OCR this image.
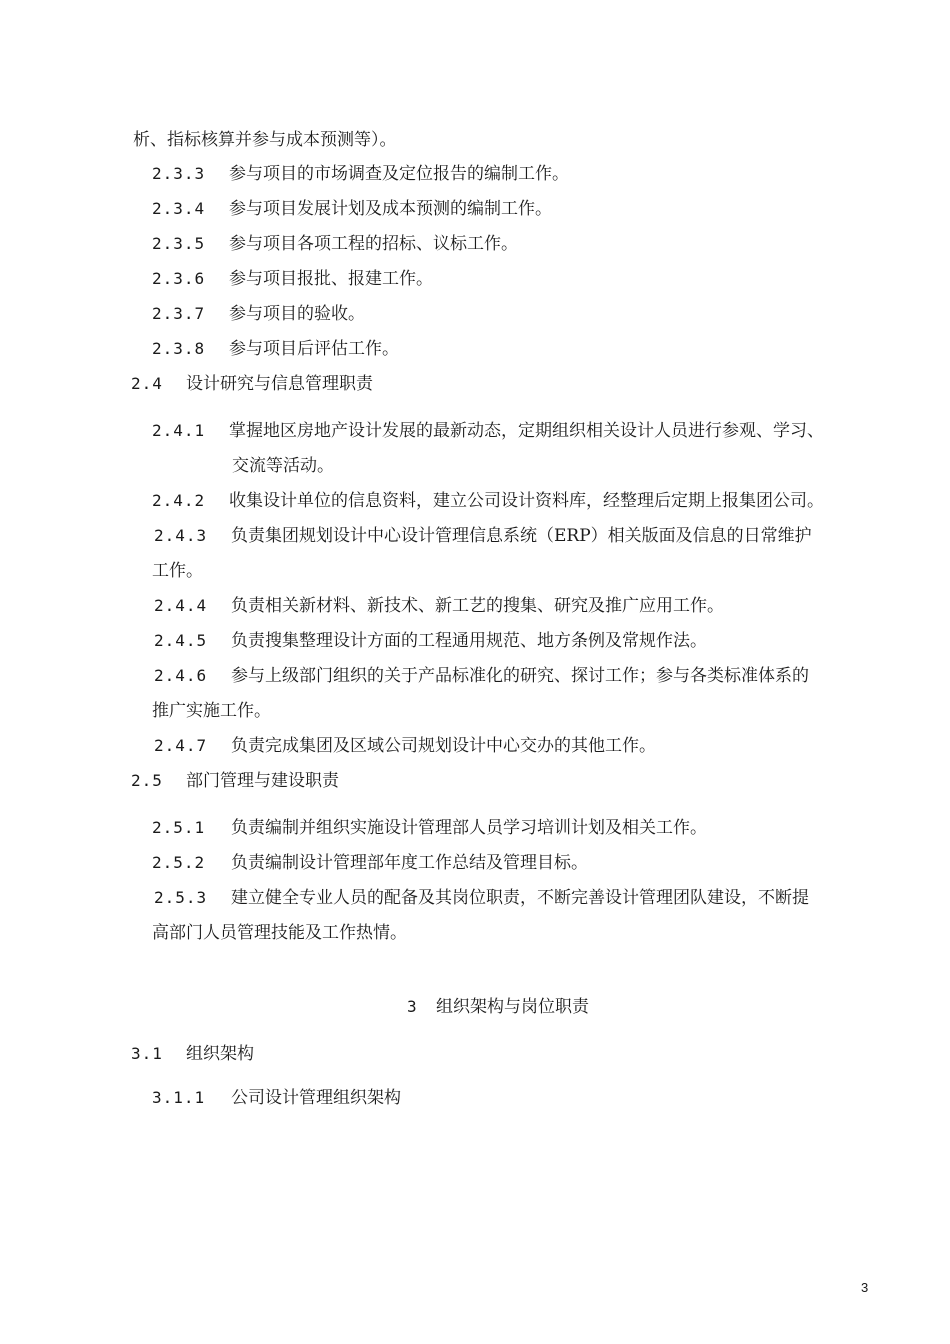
析、指标核算并参与成本预测等）。
2.3.3 参与项目的市场调查及定位报告的编制工作。
2.3.4 参与项目发展计划及成本预测的编制工作。
2.3.5 参与项目各项工程的招标、议标工作。
2.3.6 参与项目报批、报建工作。
2.3.7 参与项目的验收。
2.3.8 参与项目后评估工作。
2.4 设计研究与信息管理职责
2.4.1 掌握地区房地产设计发展的最新动态，定期组织相关设计人员进行参观、学习、
交流等活动。
2.4.2 收集设计单位的信息资料，建立公司设计资料库，经整理后定期上报集团公司。
2.4.3 负责集团规划设计中心设计管理信息系统（ERP）相关版面及信息的日常维护
工作。
2.4.4 负责相关新材料、新技术、新工艺的搜集、研究及推广应用工作。
2.4.5 负责搜集整理设计方面的工程通用规范、地方条例及常规作法。
2.4.6 参与上级部门组织的关于产品标准化的研究、探讨工作；参与各类标准体系的
推广实施工作。
2.4.7 负责完成集团及区域公司规划设计中心交办的其他工作。
2.5 部门管理与建设职责
2.5.1 负责编制并组织实施设计管理部人员学习培训计划及相关工作。
2.5.2 负责编制设计管理部年度工作总结及管理目标。
2.5.3 建立健全专业人员的配备及其岗位职责，不断完善设计管理团队建设，不断提
高部门人员管理技能及工作热情。
3 组织架构与岗位职责
3.1 组织架构
3.1.1 公司设计管理组织架构
3
